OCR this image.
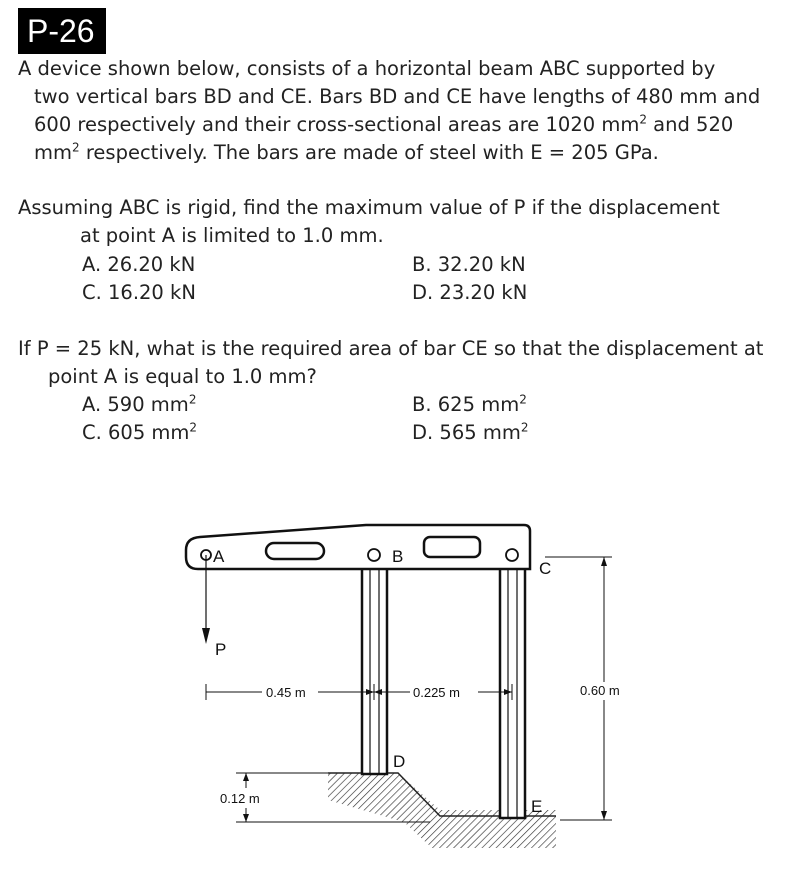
P-26
A device shown below, consists of a horizontal beam ABC supported by
two vertical bars BD and CE. Bars BD and CE have lengths of 480 mm and
600 respectively and their cross-sectional areas are 1020 $mm^2$ and 520
$mm^2$ respectively. The bars are made of steel with E = 205 GPa.
Assuming ABC is rigid, find the maximum value of P if the displacement
at point A is limited to 1.0 mm.
A. 26.20 kN	B. 32.20 kN
C. 16.20 kN	D. 23.20 kN
If P = 25 kN, what is the required area of bar CE so that the displacement at
point A is equal to 1.0 mm?
A. 590 $mm^2$	B. 625 $mm^2$
C. 605 $mm^2$	D. 565 $mm^2$
A	B
C
D
E
P
0.45 m	0.225 m	0.60 m
0.12 m
